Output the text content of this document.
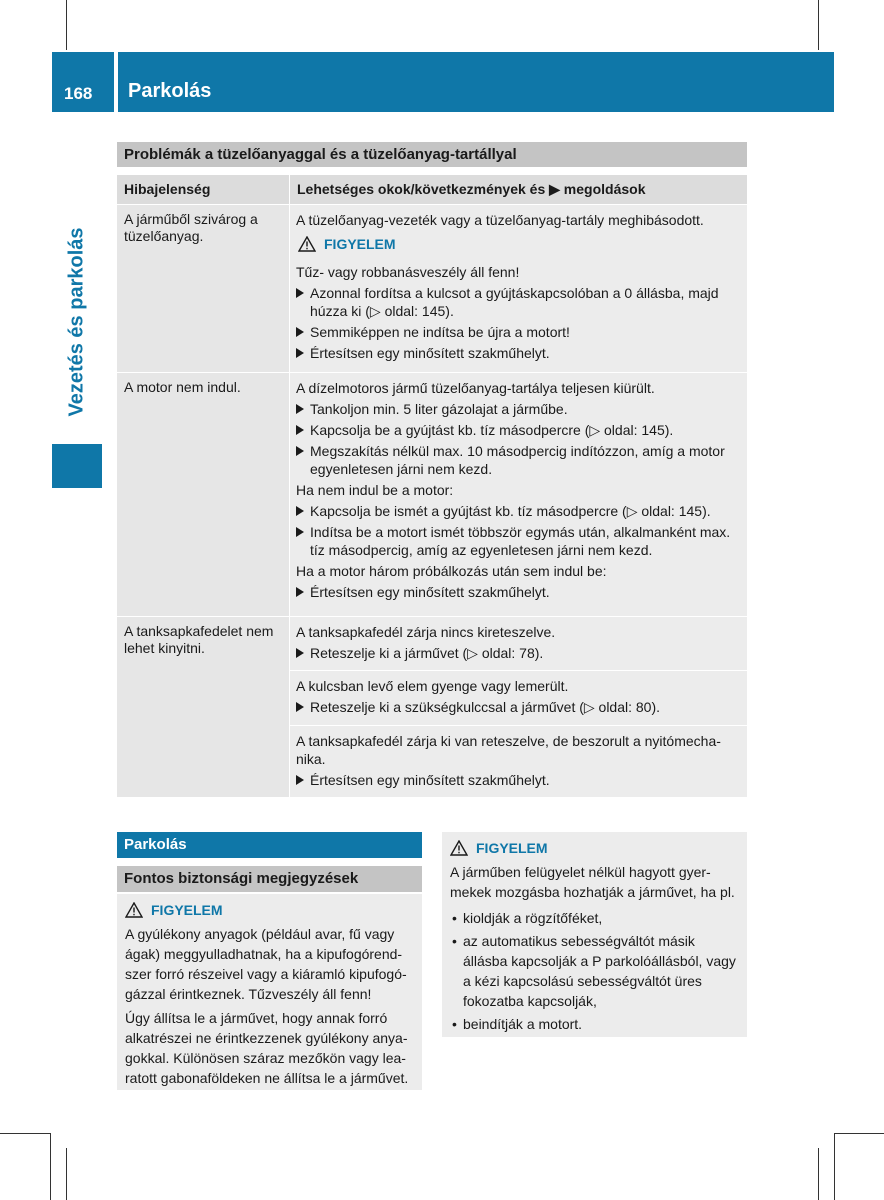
168 Parkolás
Vezetés és parkolás
Problémák a tüzelőanyaggal és a tüzelőanyag-tartállyal
Hibajelenség	Lehetséges okok/következmények és ▶ megoldások
A járműből szivárog a tüzelőanyag.
A tüzelőanyag-vezeték vagy a tüzelőanyag-tartály meghibásodott.
FIGYELEM
Tűz- vagy robbanásveszély áll fenn!
Azonnal fordítsa a kulcsot a gyújtáskapcsolóban a 0 állásba, majd húzza ki (▷ oldal: 145).
Semmiképpen ne indítsa be újra a motort!
Értesítsen egy minősített szakműhelyt.
A motor nem indul.	A dízelmotoros jármű tüzelőanyag-tartálya teljesen kiürült.
Tankoljon min. 5 liter gázolajat a járműbe.
Kapcsolja be a gyújtást kb. tíz másodpercre (▷ oldal: 145).
Megszakítás nélkül max. 10 másodpercig indítózzon, amíg a motor egyenletesen járni nem kezd.
Ha nem indul be a motor:
Kapcsolja be ismét a gyújtást kb. tíz másodpercre (▷ oldal: 145).
Indítsa be a motort ismét többször egymás után, alkalmanként max. tíz másodpercig, amíg az egyenletesen járni nem kezd.
Ha a motor három próbálkozás után sem indul be:
Értesítsen egy minősített szakműhelyt.
A tanksapkafedelet nem lehet kinyitni.
A tanksapkafedél zárja nincs kireteszelve.
Reteszelje ki a járművet (▷ oldal: 78).
A kulcsban levő elem gyenge vagy lemerült.
Reteszelje ki a szükségkulccsal a járművet (▷ oldal: 80).
A tanksapkafedél zárja ki van reteszelve, de beszorult a nyitómechanika.
Értesítsen egy minősített szakműhelyt.
Parkolás
Fontos biztonsági megjegyzések
FIGYELEM
A gyúlékony anyagok (például avar, fű vagy ágak) meggyulladhatnak, ha a kipufogórendszer forró részeivel vagy a kiáramló kipufogógázzal érintkeznek. Tűzveszély áll fenn!
Úgy állítsa le a járművet, hogy annak forró alkatrészei ne érintkezzenek gyúlékony anyagokkal. Különösen száraz mezőkön vagy learatott gabonaföldeken ne állítsa le a járművet.
FIGYELEM
A járműben felügyelet nélkül hagyott gyermekek mozgásba hozhatják a járművet, ha pl.
• kioldják a rögzítőféket,
• az automatikus sebességváltót másik állásba kapcsolják a P parkolóállásból, vagy a kézi kapcsolású sebességváltót üres fokozatba kapcsolják,
• beindítják a motort.
